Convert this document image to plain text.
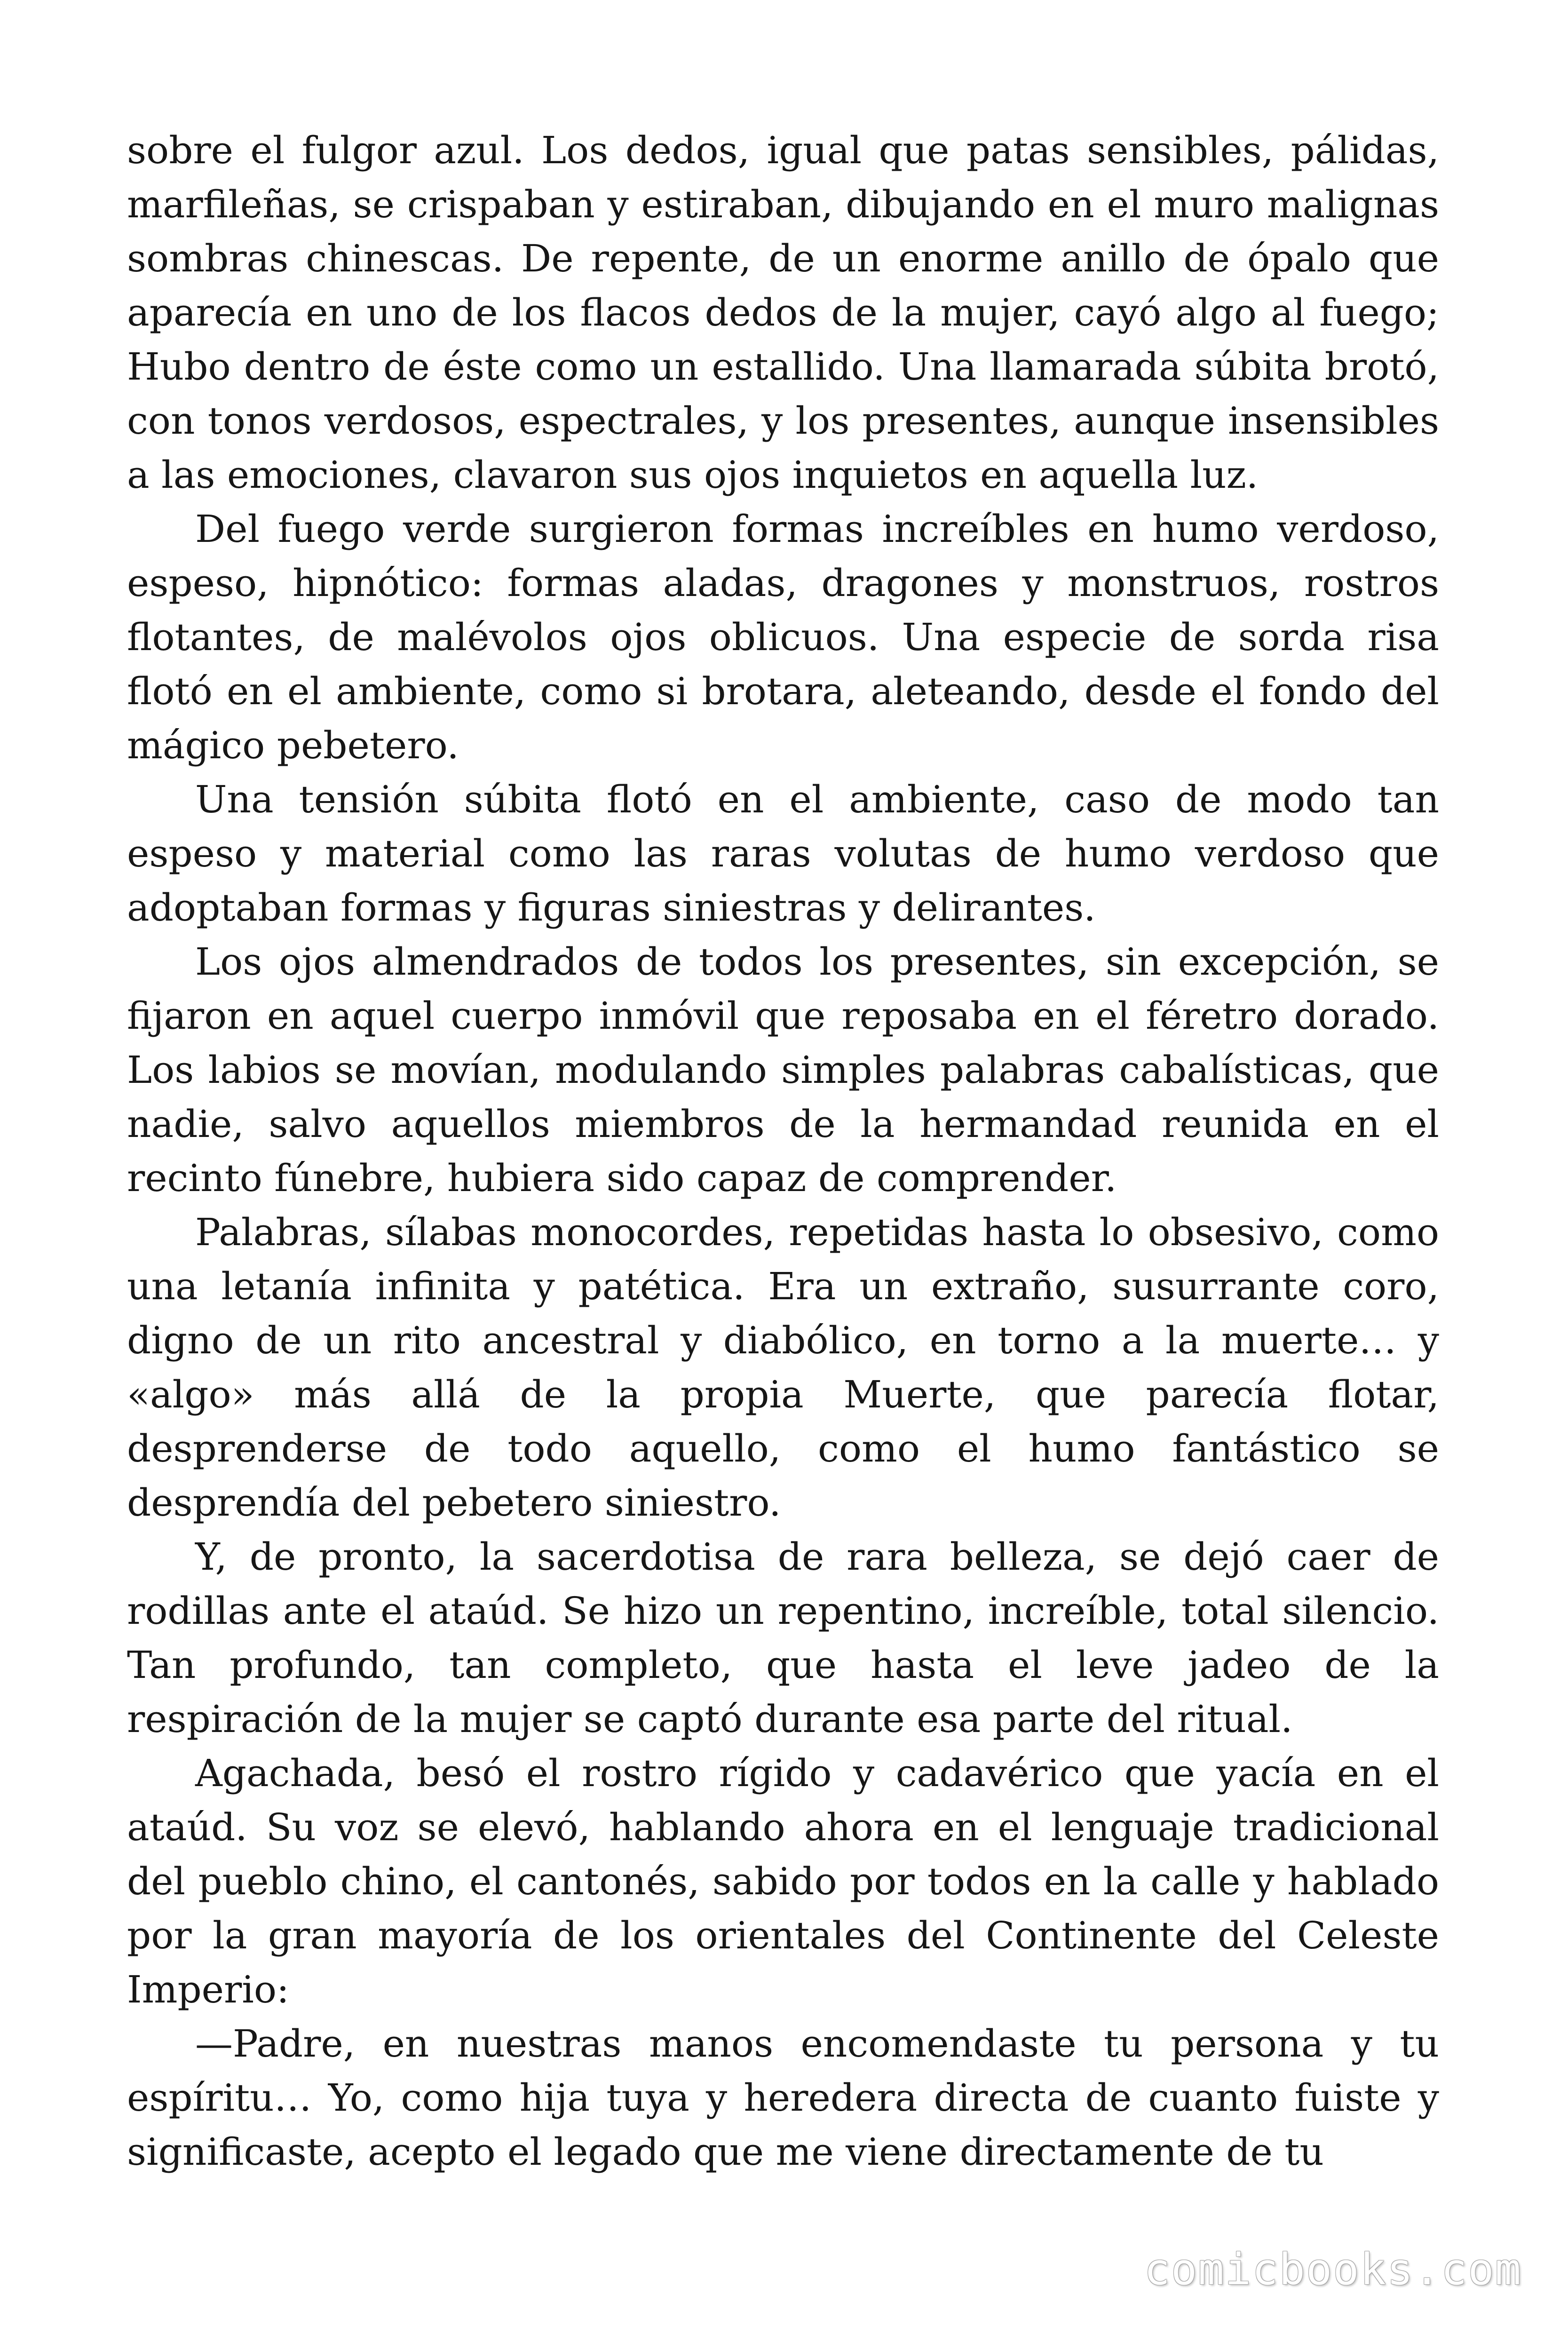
sobre el fulgor azul. Los dedos, igual que patas sensibles, pálidas, marfileñas, se crispaban y estiraban, dibujando en el muro malignas sombras chinescas. De repente, de un enorme anillo de ópalo que aparecía en uno de los flacos dedos de la mujer, cayó algo al fuego; Hubo dentro de éste como un estallido. Una llamarada súbita brotó, con tonos verdosos, espectrales, y los presentes, aunque insensibles a las emociones, clavaron sus ojos inquietos en aquella luz.

Del fuego verde surgieron formas increíbles en humo verdoso, espeso, hipnótico: formas aladas, dragones y monstruos, rostros flotantes, de malévolos ojos oblicuos. Una especie de sorda risa flotó en el ambiente, como si brotara, aleteando, desde el fondo del mágico pebetero.

Una tensión súbita flotó en el ambiente, caso de modo tan espeso y material como las raras volutas de humo verdoso que adoptaban formas y figuras siniestras y delirantes.

Los ojos almendrados de todos los presentes, sin excepción, se fijaron en aquel cuerpo inmóvil que reposaba en el féretro dorado. Los labios se movían, modulando simples palabras cabalísticas, que nadie, salvo aquellos miembros de la hermandad reunida en el recinto fúnebre, hubiera sido capaz de comprender.

Palabras, sílabas monocordes, repetidas hasta lo obsesivo, como una letanía infinita y patética. Era un extraño, susurrante coro, digno de un rito ancestral y diabólico, en torno a la muerte… y «algo» más allá de la propia Muerte, que parecía flotar, desprenderse de todo aquello, como el humo fantástico se desprendía del pebetero siniestro.

Y, de pronto, la sacerdotisa de rara belleza, se dejó caer de rodillas ante el ataúd. Se hizo un repentino, increíble, total silencio. Tan profundo, tan completo, que hasta el leve jadeo de la respiración de la mujer se captó durante esa parte del ritual.

Agachada, besó el rostro rígido y cadavérico que yacía en el ataúd. Su voz se elevó, hablando ahora en el lenguaje tradicional del pueblo chino, el cantonés, sabido por todos en la calle y hablado por la gran mayoría de los orientales del Continente del Celeste Imperio:

—Padre, en nuestras manos encomendaste tu persona y tu espíritu… Yo, como hija tuya y heredera directa de cuanto fuiste y significaste, acepto el legado que me viene directamente de tu

comicbooks.com
